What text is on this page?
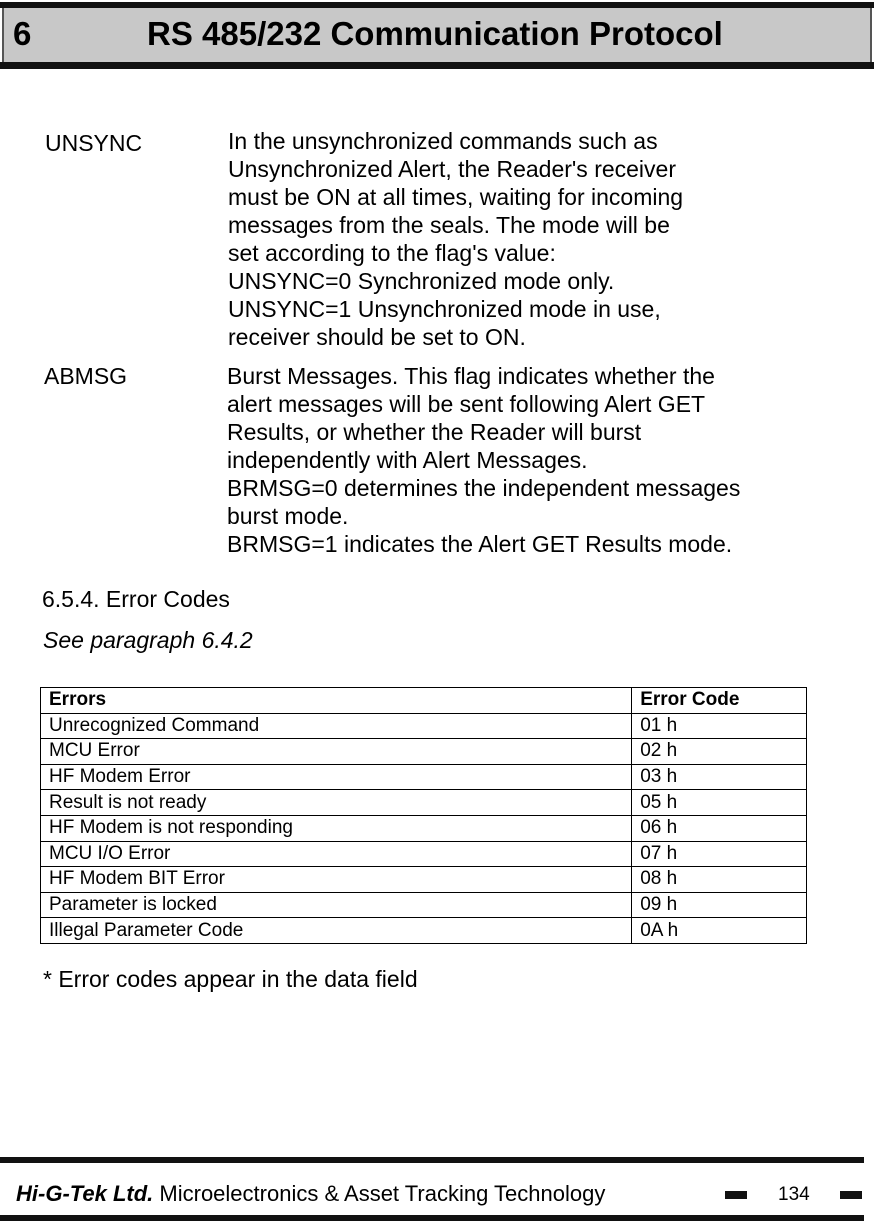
6	RS 485/232 Communication Protocol
UNSYNC	In the unsynchronized commands such as
Unsynchronized Alert, the Reader's receiver
must be ON at all times, waiting for incoming
messages from the seals. The mode will be
set according to the flag's value:
UNSYNC=0 Synchronized mode only.
UNSYNC=1 Unsynchronized mode in use,
receiver should be set to ON.
ABMSG	Burst Messages. This flag indicates whether the
alert messages will be sent following Alert GET
Results, or whether the Reader will burst
independently with Alert Messages.
BRMSG=0 determines the independent messages
burst mode.
BRMSG=1 indicates the Alert GET Results mode.
6.5.4. Error Codes
See paragraph 6.4.2
Errors	Error Code
Unrecognized Command	01 h
MCU Error	02 h
HF Modem Error	03 h
Result is not ready	05 h
HF Modem is not responding	06 h
MCU I/O Error	07 h
HF Modem BIT Error	08 h
Parameter is locked	09 h
Illegal Parameter Code	0A h
* Error codes appear in the data field
Hi-G-Tek Ltd. Microelectronics & Asset Tracking Technology	134
